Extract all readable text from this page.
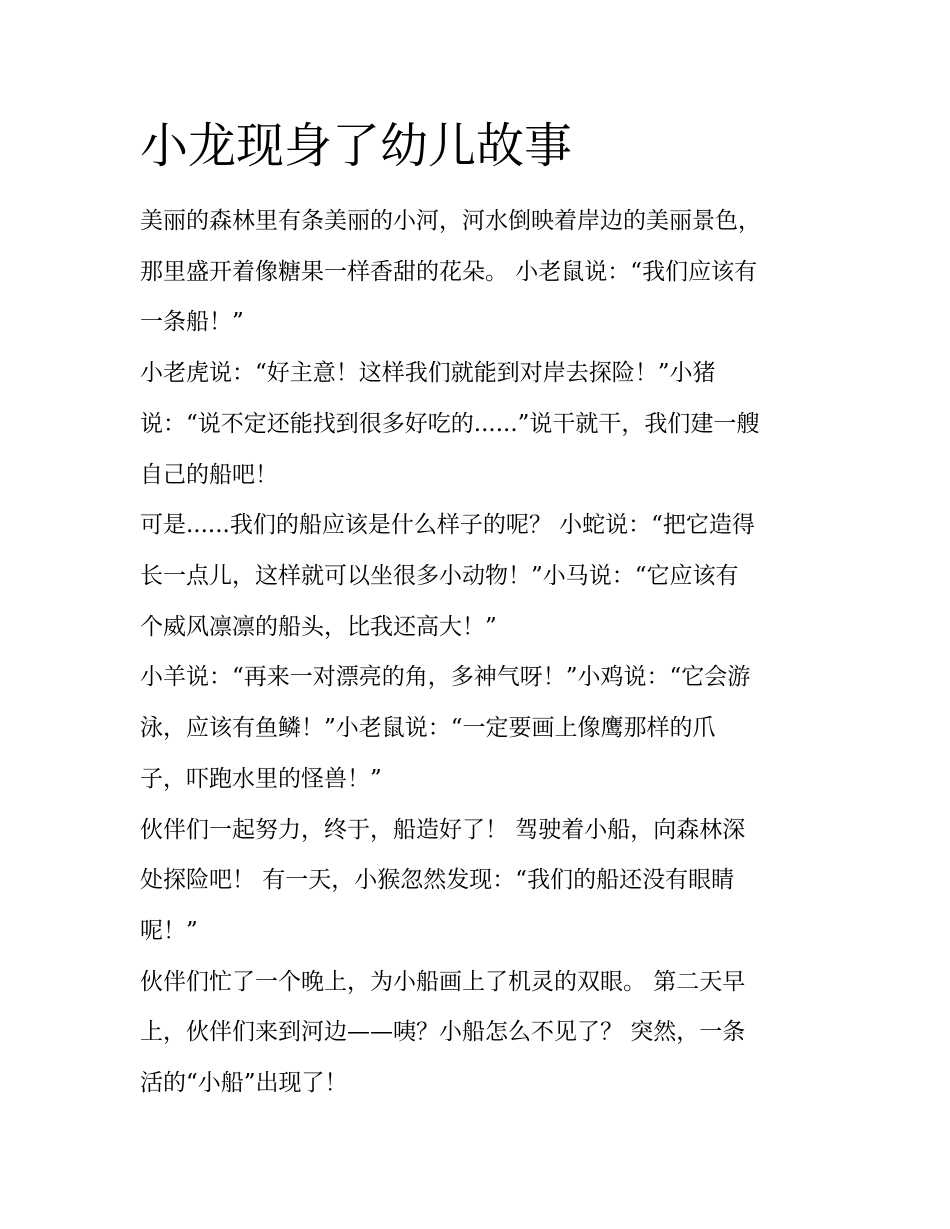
小龙现身了幼儿故事

美丽的森林里有条美丽的小河，河水倒映着岸边的美丽景色，

那里盛开着像糖果一样香甜的花朵。 小老鼠说：“我们应该有

一条船！”

小老虎说：“好主意！这样我们就能到对岸去探险！”小猪

说：“说不定还能找到很多好吃的......”说干就干，我们建一艘

自己的船吧！

可是......我们的船应该是什么样子的呢？ 小蛇说：“把它造得

长一点儿，这样就可以坐很多小动物！”小马说：“它应该有

个威风凛凛的船头，比我还高大！”

小羊说：“再来一对漂亮的角，多神气呀！”小鸡说：“它会游

泳，应该有鱼鳞！”小老鼠说：“一定要画上像鹰那样的爪

子，吓跑水里的怪兽！”

伙伴们一起努力，终于，船造好了！ 驾驶着小船，向森林深

处探险吧！ 有一天，小猴忽然发现：“我们的船还没有眼睛

呢！”

伙伴们忙了一个晚上，为小船画上了机灵的双眼。 第二天早

上，伙伴们来到河边——咦？小船怎么不见了？ 突然，一条

活的“小船”出现了！
